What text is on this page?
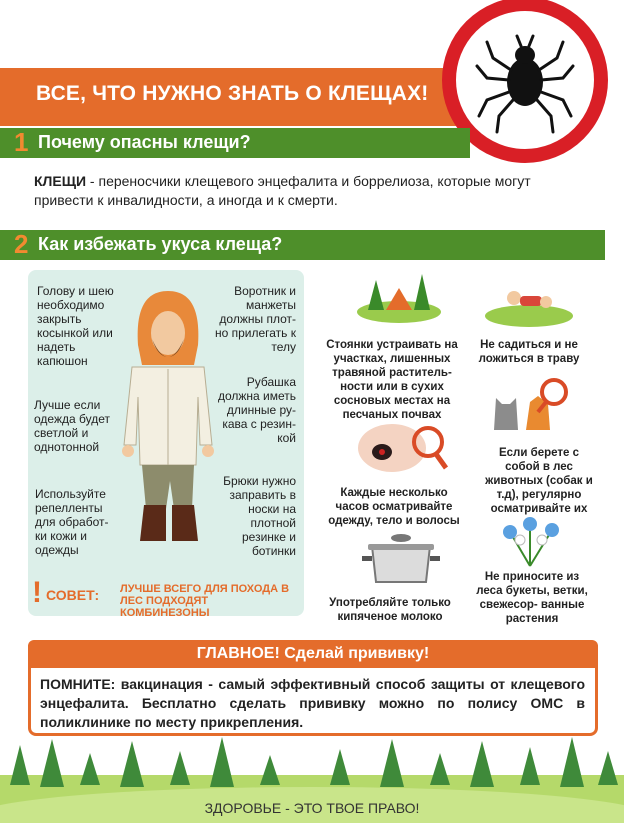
ВСЕ, ЧТО НУЖНО ЗНАТЬ О КЛЕЩАХ!
1 Почему опасны клещи?
КЛЕЩИ - переносчики клещевого энцефалита и боррелиоза, которые могут привести к инвалидности, а иногда и к смерти.
2 Как избежать укуса клеща?
Голову и шею необходимо закрыть косынкой или надеть капюшон
Лучше если одежда будет светлой и однотонной
Используйте репелленты для обработ- ки кожи и одежды
Воротник и манжеты должны плот- но прилегать к телу
Рубашка должна иметь длинные ру- кава с резин- кой
Брюки нужно заправить в носки на плотной резинке и ботинки
! СОВЕТ: ЛУЧШЕ ВСЕГО ДЛЯ ПОХОДА В ЛЕС ПОДХОДЯТ КОМБИНЕЗОНЫ
Стоянки устраивать на участках, лишенных травяной раститель- ности или в сухих сосновых местах на песчаных почвах
Не садиться и не ложиться в траву
Если берете с собой в лес животных (собак и т.д), регулярно осматривайте их
Каждые несколько часов осматривайте одежду, тело и волосы
Не приносите из леса букеты, ветки, свежесор- ванные растения
Употребляйте только кипяченое молоко
ГЛАВНОЕ! Сделай прививку!
ПОМНИТЕ: вакцинация - самый эффективный способ защиты от клещевого энцефалита. Бесплатно сделать прививку можно по полису ОМС в поликлинике по месту прикрепления.
ЗДОРОВЬЕ - ЭТО ТВОЕ ПРАВО!
